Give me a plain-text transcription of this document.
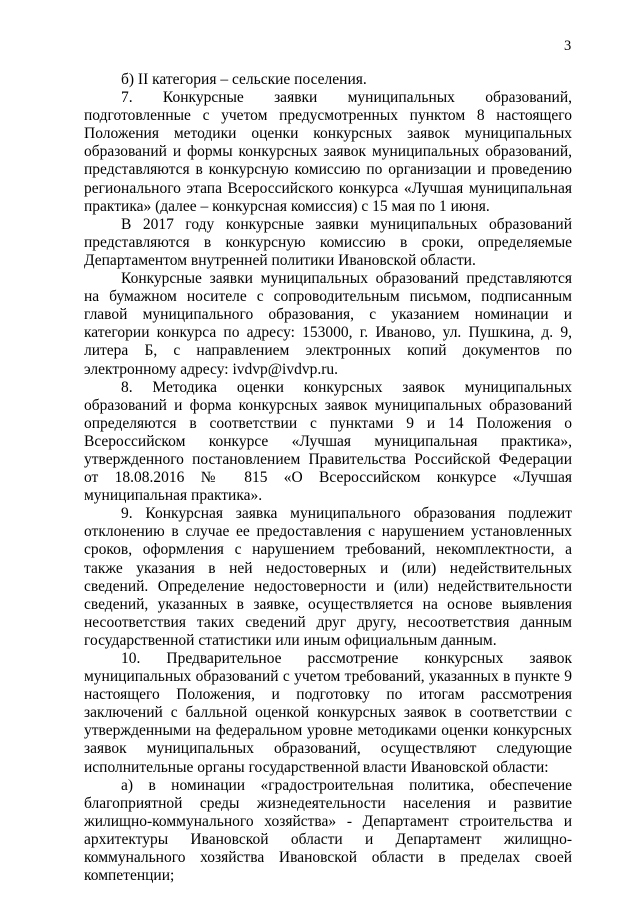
3

б) II категория – сельские поселения.

7. Конкурсные заявки муниципальных образований, подготовленные с учетом предусмотренных пунктом 8 настоящего Положения методики оценки конкурсных заявок муниципальных образований и формы конкурсных заявок муниципальных образований, представляются в конкурсную комиссию по организации и проведению регионального этапа Всероссийского конкурса «Лучшая муниципальная практика» (далее – конкурсная комиссия) с 15 мая по 1 июня.

В 2017 году конкурсные заявки муниципальных образований представляются в конкурсную комиссию в сроки, определяемые Департаментом внутренней политики Ивановской области.

Конкурсные заявки муниципальных образований представляются на бумажном носителе с сопроводительным письмом, подписанным главой муниципального образования, с указанием номинации и категории конкурса по адресу: 153000, г. Иваново, ул. Пушкина, д. 9, литера Б, с направлением электронных копий документов по электронному адресу: ivdvp@ivdvp.ru.

8. Методика оценки конкурсных заявок муниципальных образований и форма конкурсных заявок муниципальных образований определяются в соответствии с пунктами 9 и 14 Положения о Всероссийском конкурсе «Лучшая муниципальная практика», утвержденного постановлением Правительства Российской Федерации от 18.08.2016 № 815 «О Всероссийском конкурсе «Лучшая муниципальная практика».

9. Конкурсная заявка муниципального образования подлежит отклонению в случае ее предоставления с нарушением установленных сроков, оформления с нарушением требований, некомплектности, а также указания в ней недостоверных и (или) недействительных сведений. Определение недостоверности и (или) недействительности сведений, указанных в заявке, осуществляется на основе выявления несоответствия таких сведений друг другу, несоответствия данным государственной статистики или иным официальным данным.

10. Предварительное рассмотрение конкурсных заявок муниципальных образований с учетом требований, указанных в пункте 9 настоящего Положения, и подготовку по итогам рассмотрения заключений с балльной оценкой конкурсных заявок в соответствии с утвержденными на федеральном уровне методиками оценки конкурсных заявок муниципальных образований, осуществляют следующие исполнительные органы государственной власти Ивановской области:

а) в номинации «градостроительная политика, обеспечение благоприятной среды жизнедеятельности населения и развитие жилищно-коммунального хозяйства» - Департамент строительства и архитектуры Ивановской области и Департамент жилищно-коммунального хозяйства Ивановской области в пределах своей компетенции;
